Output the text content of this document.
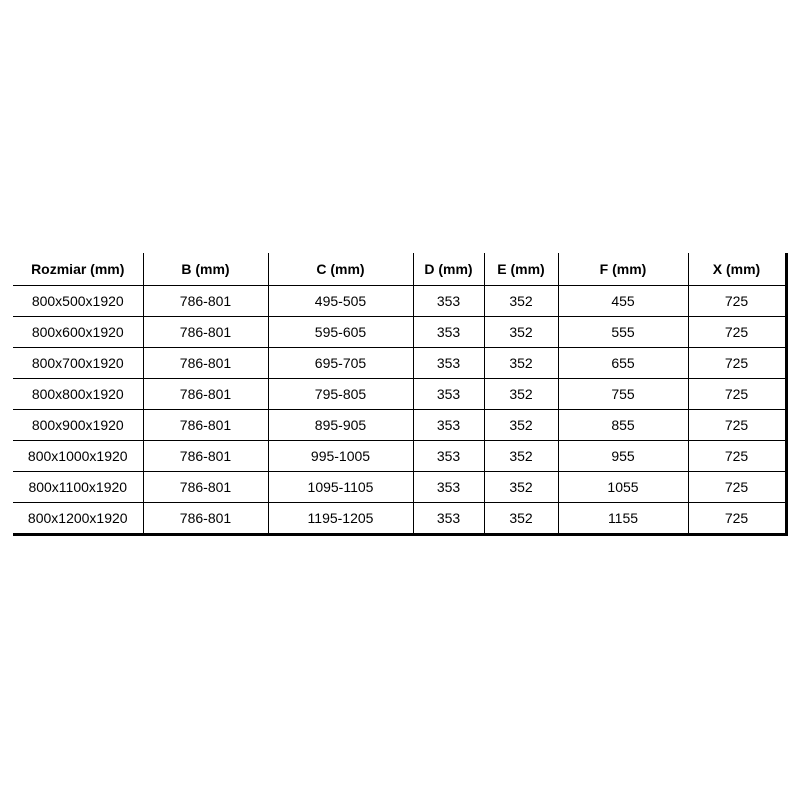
Rozmiar (mm)	B (mm)	C (mm)	D (mm)	E (mm)	F (mm)	X (mm)
800x500x1920	786-801	495-505	353	352	455	725
800x600x1920	786-801	595-605	353	352	555	725
800x700x1920	786-801	695-705	353	352	655	725
800x800x1920	786-801	795-805	353	352	755	725
800x900x1920	786-801	895-905	353	352	855	725
800x1000x1920	786-801	995-1005	353	352	955	725
800x1100x1920	786-801	1095-1105	353	352	1055	725
800x1200x1920	786-801	1195-1205	353	352	1155	725
